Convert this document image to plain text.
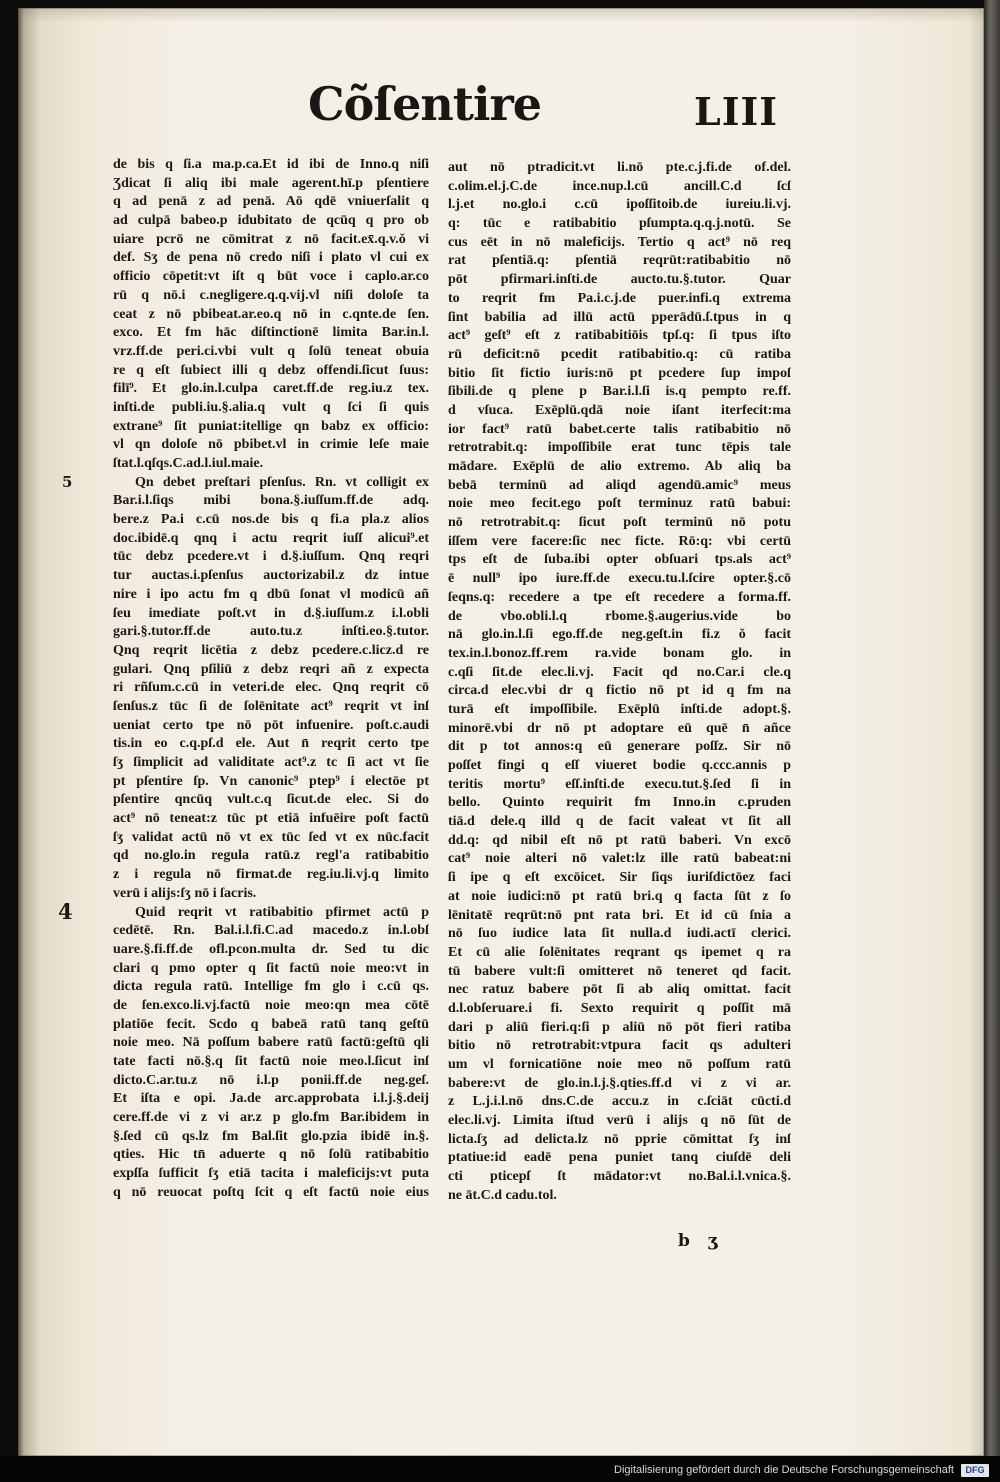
Cõſentire	LIII
5
4
de bis q ſi.a ma.p.ca.Et id ibi de Inno.q niſi
Ʒdicat ſi aliq ibi male agerent.hī.p pſentiere
q ad penā z ad penā. Aō qdē vniuerſalit q
ad culpā babeo.p idubitato de qcūq q pro ob
uiare pcrō ne cōmitrat z nō facit.ex̄.q.v.ǒ vi
def. Sʒ de pena nō credo niſi i plato vl cui ex
officio cōpetit:vt iſt q būt voce i caplo.ar.co
rū q nō.i c.negligere.q.q.vij.vl niſi doloſe ta
ceat z nō pbibeat.ar.eo.q nō in c.qnte.de ſen.
exco. Et fm hāc diſtinctionē limita Bar.in.l.
vrz.ff.de peri.ci.vbi vult q ſolū teneat obuia
re q eſt ſubiect illi q debz offendi.ſicut ſuus:
filī⁹. Et glo.in.l.culpa caret.ff.de reg.iu.z tex.
inſti.de publi.iu.§.alia.q vult q ſci ſi quis
extrane⁹ ſit puniat:itellige qn babz ex officio:
vl qn doloſe nō pbibet.vl in crimie leſe maie
ſtat.l.qſqs.C.ad.l.iul.maie.
Qn debet preſtari pſenſus. Rn. vt colligit ex
Bar.i.l.ſiqs mibi bona.§.iuſſum.ff.de adq.
bere.z Pa.i c.cū nos.de bis q fi.a pla.z alios
doc.ibidē.q qnq i actu reqrit iuſſ alicui⁹.et
tūc debz pcedere.vt i d.§.iuſſum. Qnq reqri
tur auctas.i.pſenſus auctorizabil.z dz intue
nire i ipo actu fm q dbū ſonat vl modicū añ
ſeu imediate poſt.vt in d.§.iuſſum.z i.l.obli
gari.§.tutor.ff.de auto.tu.z inſti.eo.§.tutor.
Qnq reqrit licētia z debz pcedere.c.licz.d re
gulari. Qnq pſiliū z debz reqri añ z expecta
ri rñſum.c.cū in veteri.de elec. Qnq reqrit cō
ſenſus.z tūc ſi de ſolēnitate act⁹ reqrit vt inſ
ueniat certo tpe nō pōt infuenire. poſt.c.audi
tis.in eo c.q.pſ.d ele. Aut n̄ reqrit certo tpe
ſʒ ſimplicit ad validitate act⁹.z tc ſi act vt ſie
pt pſentire ſp. Vn canonic⁹ ptep⁹ i electōe pt
pſentire qncūq vult.c.q ſicut.de elec. Si do
act⁹ nō teneat:z tūc pt etiā infuēire poſt factū
ſʒ validat actū nō vt ex tūc ſed vt ex nūc.facit
qd no.glo.in regula ratū.z regl'a ratibabitio
z i regula nō firmat.de reg.iu.li.vj.q limito
verū i alijs:ſʒ nō i ſacris.
Quid reqrit vt ratibabitio pfirmet actū p
cedētē. Rn. Bal.i.l.fi.C.ad macedo.z in.l.obſ
uare.§.fi.ff.de ofl.pcon.multa dr. Sed tu dic
clari q pmo opter q ſit factū noie meo:vt in
dicta regula ratū. Intellige fm glo i c.cū qs.
de ſen.exco.li.vj.factū noie meo:qn mea cōtē
platiōe fecit. Scdo q babeā ratū tanq geſtū
noie meo. Nā poſſum babere ratū factū:geſtū qli
tate facti nō.§.q ſit factū noie meo.l.ſicut inſ
dicto.C.ar.tu.z nō i.l.p ponii.ff.de neg.geſ.
Et iſta e opi. Ja.de arc.approbata i.l.j.§.deij
cere.ff.de vi z vi ar.z p glo.fm Bar.ibidem in
§.ſed cū qs.lz fm Bal.ſit glo.pzia ibidē in.§.
qties. Hic tn̄ aduerte q nō ſolū ratibabitio
expſſa ſufficit ſʒ etiā tacita i maleficijs:vt puta
q nō reuocat poſtq ſcit q eſt factū noie eius
aut nō ptradicit.vt li.nō pte.c.j.fi.de of.del.
c.olim.el.j.C.de ince.nup.l.cū ancill.C.d ſcſ
l.j.et no.glo.i c.cū ipoſſitoib.de iureiu.li.vj.
q: tūc e ratibabitio pſumpta.q.q.j.notū. Se
cus eēt in nō maleficijs. Tertio q act⁹ nō req
rat pſentiā.q: pſentiā reqrūt:ratibabitio nō
pōt pfirmari.inſti.de aucto.tu.§.tutor. Quar
to reqrit fm Pa.i.c.j.de puer.infi.q extrema
ſint babilia ad illū actū pperādū.ſ.tpus in q
act⁹ geſt⁹ eſt z ratibabitiōis tpſ.q: ſi tpus iſto
rū deficit:nō pcedit ratibabitio.q: cū ratiba
bitio ſit fictio iuris:nō pt pcedere ſup impoſ
ſibili.de q plene p Bar.i.l.ſi is.q pempto re.ff.
d vſuca. Exēplū.qdā noie iſant iterfecit:ma
ior fact⁹ ratū babet.certe talis ratibabitio nō
retrotrabit.q: impoſſibile erat tunc tēpis tale
mādare. Exēplū de alio extremo. Ab aliq ba
bebā terminū ad aliqd agendū.amic⁹ meus
noie meo fecit.ego poſt terminuz ratū babui:
nō retrotrabit.q: ſicut poſt terminū nō potu
iſſem vere facere:ſic nec ficte. Rō:q: vbi certū
tps eſt de ſuba.ibi opter obſuari tps.als act⁹
ē null⁹ ipo iure.ff.de execu.tu.l.ſcire opter.§.cō
ſeqns.q: recedere a tpe eſt recedere a forma.ff.
de vbo.obli.l.q rbome.§.augerius.vide bo
nā glo.in.l.ſi ego.ff.de neg.geſt.in fi.z ǒ facit
tex.in.l.bonoz.ff.rem ra.vide bonam glo. in
c.qſi ſit.de elec.li.vj. Facit qd no.Car.i cle.q
circa.d elec.vbi dr q fictio nō pt id q fm na
turā eſt impoſſibile. Exēplū inſti.de adopt.§.
minorē.vbi dr nō pt adoptare eū quē n̄ añce
dit p tot annos:q eū generare poſſz. Sir nō
poſſet fingi q eſſ viueret bodie q.ccc.annis p
teritis mortu⁹ eſſ.inſti.de execu.tut.§.ſed ſi in
bello. Quinto requirit fm Inno.in c.pruden
tiā.d dele.q illd q de facit valeat vt ſit all
dd.q: qd nibil eſt nō pt ratū baberi. Vn excō
cat⁹ noie alteri nō valet:lz ille ratū babeat:ni
ſi ipe q eſt excōicet. Sir ſiqs iuriſdictōez faci
at noie iudici:nō pt ratū bri.q q facta ſūt z ſo
lēnitatē reqrūt:nō pnt rata bri. Et id cū ſnia a
nō ſuo iudice lata ſit nulla.d iudi.actī clerici.
Et cū alie ſolēnitates reqrant qs ipemet q ra
tū babere vult:ſi omitteret nō teneret qd facit.
nec ratuz babere pōt ſi ab aliq omittat. facit
d.l.obſeruare.i fi. Sexto requirit q poſſit mā
dari p aliū fieri.q:ſi p aliū nō pōt fieri ratiba
bitio nō retrotrabit:vtpura facit qs adulteri
um vl fornicatiōne noie meo nō poſſum ratū
babere:vt de glo.in.l.j.§.qties.ff.d vi z vi ar.
z L.j.i.l.nō dns.C.de accu.z in c.ſciāt cūcti.d
elec.li.vj. Limita iſtud verū i alijs q nō ſūt de
licta.ſʒ ad delicta.lz nō pprie cōmittat ſʒ inſ
ptatiue:id eadē pena puniet tanq ciuſdē deli
cti pticepſ ſt mādator:vt no.Bal.i.l.vnica.§.
ne āt.C.d cadu.tol.
b ʒ
Digitalisierung gefördert durch die Deutsche Forschungsgemeinschaft	DFG
